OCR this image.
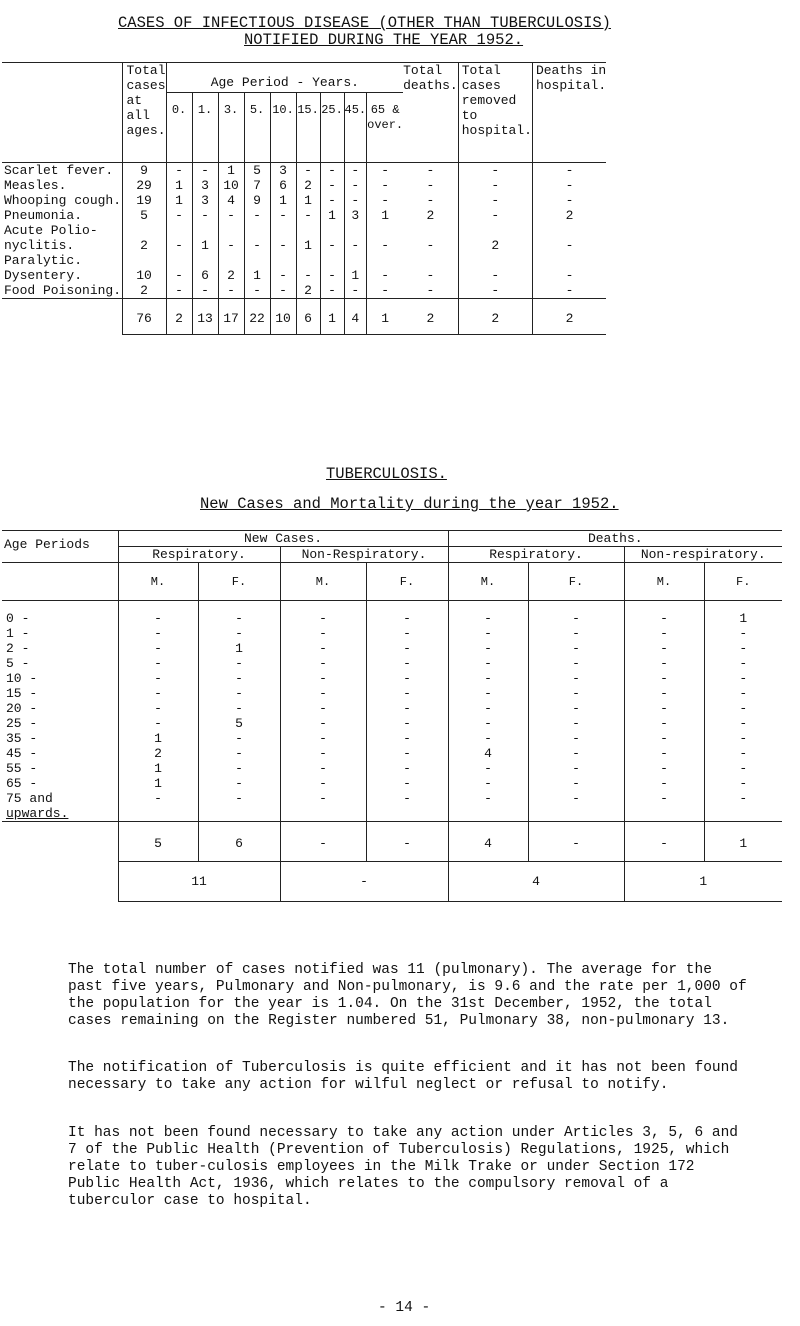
CASES OF INFECTIOUS DISEASE (OTHER THAN TUBERCULOSIS)
NOTIFIED DURING THE YEAR 1952.
	Total cases at all ages.	Age Period - Years.									Total deaths.	Total cases removed to hospital.	Deaths in hospital.
		0.	1.	3.	5.	10.	15.	25.	45.	65 & over.			
Scarlet fever.	9	-	-	1	5	3	-	-	-	-	-	-	-
Measles.	29	1	3	10	7	6	2	-	-	-	-	-	-
Whooping cough.	19	1	3	4	9	1	1	-	-	-	-	-	-
Pneumonia.	5	-	-	-	-	-	-	1	3	1	2	-	2

Acute Polio-
nyclitis.	2	-	1	-	-	-	1	-	-	-	-	2	-
Paralytic.													
Dysentery.	10	-	6	2	1	-	-	-	1	-	-	-	-
Food Poisoning.	2	-	-	-	-	-	2	-	-	-	-	-	-
	76	2	13	17	22	10	6	1	4	1	2	2	2
TUBERCULOSIS.
New Cases and Mortality during the year 1952.
Age Periods	New Cases.				Deaths.			
	Respiratory.		Non-Respiratory.		Respiratory.		Non-respiratory.	
	M.	F.	M.	F.	M.	F.	M.	F.
0 -	-	-	-	-	-	-	-	1
1 -	-	-	-	-	-	-	-	-
2 -	-	1	-	-	-	-	-	-
5 -	-	-	-	-	-	-	-	-
10 -	-	-	-	-	-	-	-	-
15 -	-	-	-	-	-	-	-	-
20 -	-	-	-	-	-	-	-	-
25 -	-	5	-	-	-	-	-	-
35 -	1	-	-	-	-	-	-	-
45 -	2	-	-	-	4	-	-	-
55 -	1	-	-	-	-	-	-	-
65 -	1	-	-	-	-	-	-	-

75 and
upwards.	-	-	-	-	-	-	-	-
	5	6	-	-	4	-	-	1
	11		-		4		1	
The total number of cases notified was 11 (pulmonary). The average for the past five years, Pulmonary and Non-pulmonary, is 9.6 and the rate per 1,000 of the population for the year is 1.04. On the 31st December, 1952, the total cases remaining on the Register numbered 51, Pulmonary 38, non-pulmonary 13.
The notification of Tuberculosis is quite efficient and it has not been found necessary to take any action for wilful neglect or refusal to notify.
It has not been found necessary to take any action under Articles 3, 5, 6 and 7 of the Public Health (Prevention of Tuberculosis) Regulations, 1925, which relate to tuber-culosis employees in the Milk Trake or under Section 172 Public Health Act, 1936, which relates to the compulsory removal of a tuberculor case to hospital.
- 14 -
